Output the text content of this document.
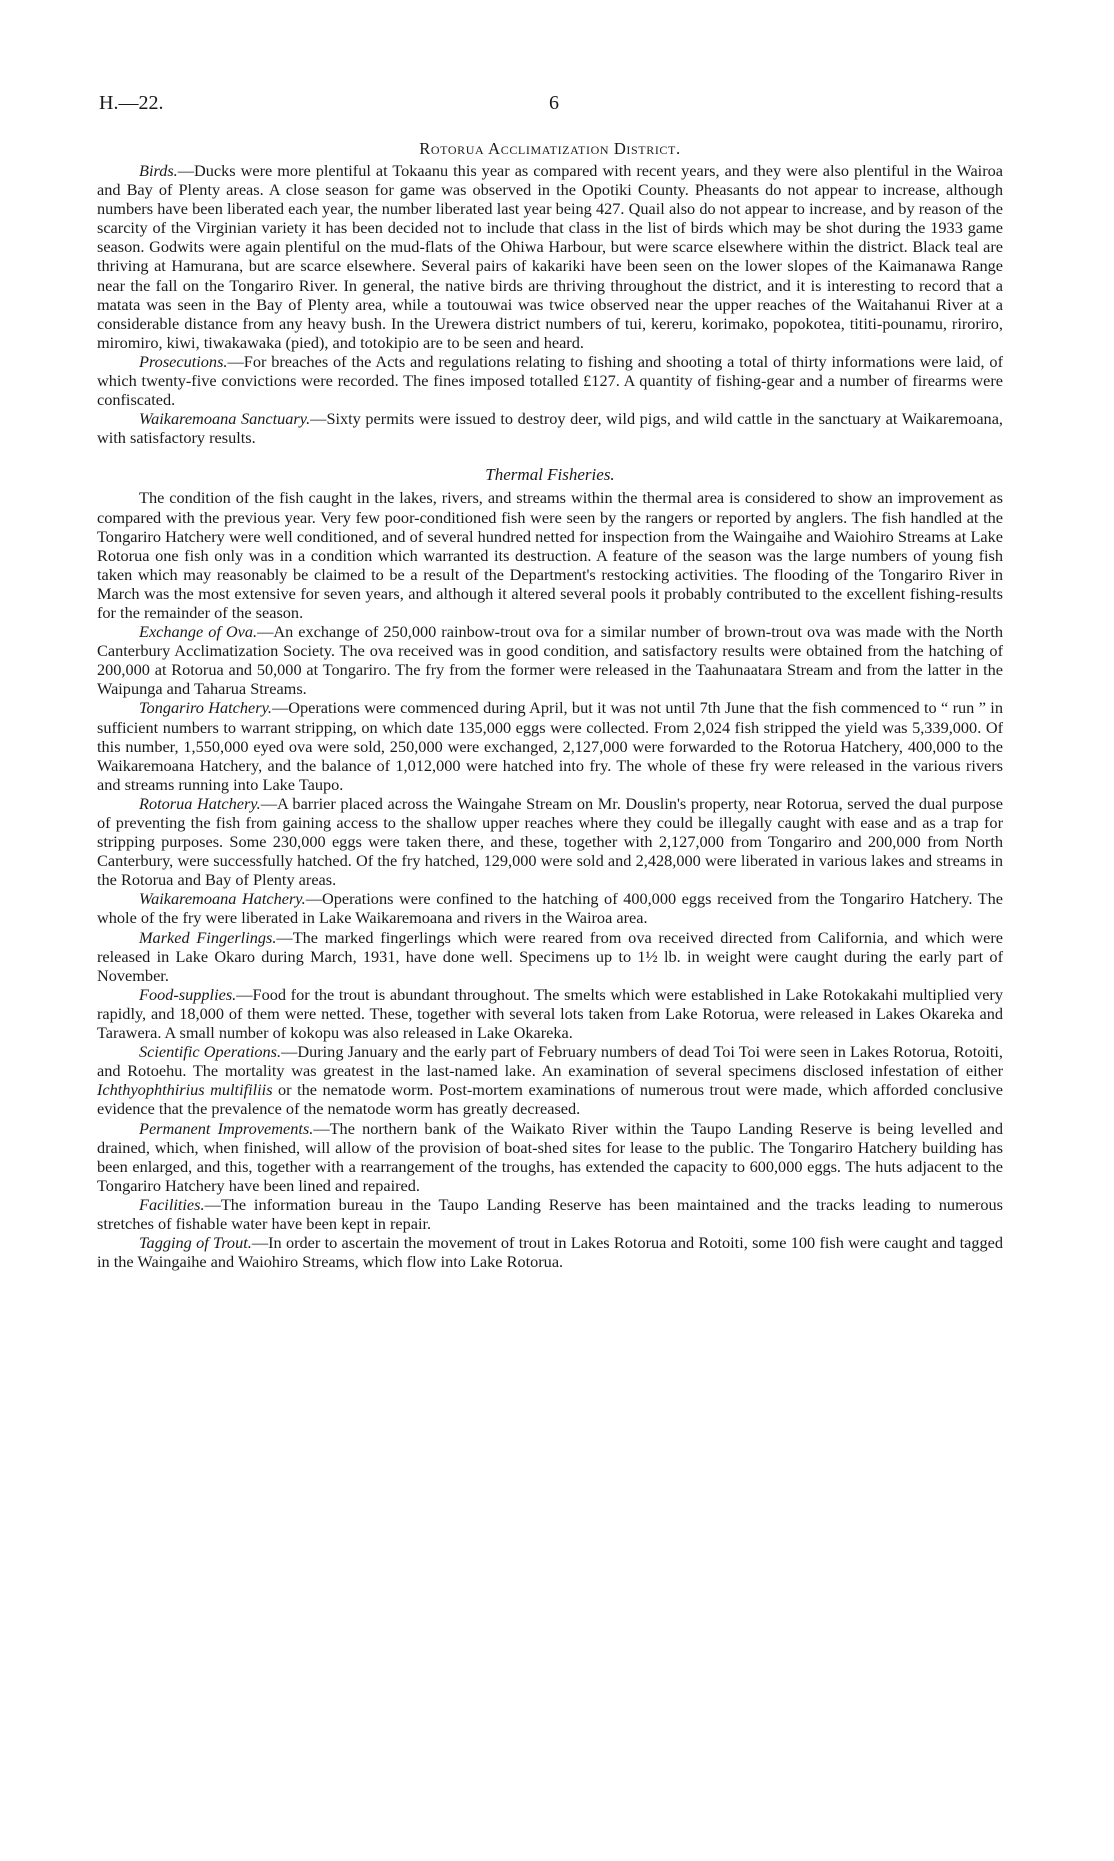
H.—22.	6
Rotorua Acclimatization District.

Birds.—Ducks were more plentiful at Tokaanu this year as compared with recent years, and they were also plentiful in the Wairoa and Bay of Plenty areas. A close season for game was observed in the Opotiki County. Pheasants do not appear to increase, although numbers have been liberated each year, the number liberated last year being 427. Quail also do not appear to increase, and by reason of the scarcity of the Virginian variety it has been decided not to include that class in the list of birds which may be shot during the 1933 game season. Godwits were again plentiful on the mud-flats of the Ohiwa Harbour, but were scarce elsewhere within the district. Black teal are thriving at Hamurana, but are scarce elsewhere. Several pairs of kakariki have been seen on the lower slopes of the Kaimanawa Range near the fall on the Tongariro River. In general, the native birds are thriving throughout the district, and it is interesting to record that a matata was seen in the Bay of Plenty area, while a toutouwai was twice observed near the upper reaches of the Waitahanui River at a considerable distance from any heavy bush. In the Urewera district numbers of tui, kereru, korimako, popokotea, tititi-pounamu, riroriro, miromiro, kiwi, tiwakawaka (pied), and totokipio are to be seen and heard.

Prosecutions.—For breaches of the Acts and regulations relating to fishing and shooting a total of thirty informations were laid, of which twenty-five convictions were recorded. The fines imposed totalled £127. A quantity of fishing-gear and a number of firearms were confiscated.

Waikaremoana Sanctuary.—Sixty permits were issued to destroy deer, wild pigs, and wild cattle in the sanctuary at Waikaremoana, with satisfactory results.

Thermal Fisheries.

The condition of the fish caught in the lakes, rivers, and streams within the thermal area is considered to show an improvement as compared with the previous year. Very few poor-conditioned fish were seen by the rangers or reported by anglers. The fish handled at the Tongariro Hatchery were well conditioned, and of several hundred netted for inspection from the Waingaihe and Waiohiro Streams at Lake Rotorua one fish only was in a condition which warranted its destruction. A feature of the season was the large numbers of young fish taken which may reasonably be claimed to be a result of the Department's restocking activities. The flooding of the Tongariro River in March was the most extensive for seven years, and although it altered several pools it probably contributed to the excellent fishing-results for the remainder of the season.

Exchange of Ova.—An exchange of 250,000 rainbow-trout ova for a similar number of brown-trout ova was made with the North Canterbury Acclimatization Society. The ova received was in good condition, and satisfactory results were obtained from the hatching of 200,000 at Rotorua and 50,000 at Tongariro. The fry from the former were released in the Taahunaatara Stream and from the latter in the Waipunga and Taharua Streams.

Tongariro Hatchery.—Operations were commenced during April, but it was not until 7th June that the fish commenced to “ run ” in sufficient numbers to warrant stripping, on which date 135,000 eggs were collected. From 2,024 fish stripped the yield was 5,339,000. Of this number, 1,550,000 eyed ova were sold, 250,000 were exchanged, 2,127,000 were forwarded to the Rotorua Hatchery, 400,000 to the Waikaremoana Hatchery, and the balance of 1,012,000 were hatched into fry. The whole of these fry were released in the various rivers and streams running into Lake Taupo.

Rotorua Hatchery.—A barrier placed across the Waingahe Stream on Mr. Douslin's property, near Rotorua, served the dual purpose of preventing the fish from gaining access to the shallow upper reaches where they could be illegally caught with ease and as a trap for stripping purposes. Some 230,000 eggs were taken there, and these, together with 2,127,000 from Tongariro and 200,000 from North Canterbury, were successfully hatched. Of the fry hatched, 129,000 were sold and 2,428,000 were liberated in various lakes and streams in the Rotorua and Bay of Plenty areas.

Waikaremoana Hatchery.—Operations were confined to the hatching of 400,000 eggs received from the Tongariro Hatchery. The whole of the fry were liberated in Lake Waikaremoana and rivers in the Wairoa area.

Marked Fingerlings.—The marked fingerlings which were reared from ova received directed from California, and which were released in Lake Okaro during March, 1931, have done well. Specimens up to 1½ lb. in weight were caught during the early part of November.

Food-supplies.—Food for the trout is abundant throughout. The smelts which were established in Lake Rotokakahi multiplied very rapidly, and 18,000 of them were netted. These, together with several lots taken from Lake Rotorua, were released in Lakes Okareka and Tarawera. A small number of kokopu was also released in Lake Okareka.

Scientific Operations.—During January and the early part of February numbers of dead Toi Toi were seen in Lakes Rotorua, Rotoiti, and Rotoehu. The mortality was greatest in the last-named lake. An examination of several specimens disclosed infestation of either Ichthyophthirius multifiliis or the nematode worm. Post-mortem examinations of numerous trout were made, which afforded conclusive evidence that the prevalence of the nematode worm has greatly decreased.

Permanent Improvements.—The northern bank of the Waikato River within the Taupo Landing Reserve is being levelled and drained, which, when finished, will allow of the provision of boat-shed sites for lease to the public. The Tongariro Hatchery building has been enlarged, and this, together with a rearrangement of the troughs, has extended the capacity to 600,000 eggs. The huts adjacent to the Tongariro Hatchery have been lined and repaired.

Facilities.—The information bureau in the Taupo Landing Reserve has been maintained and the tracks leading to numerous stretches of fishable water have been kept in repair.

Tagging of Trout.—In order to ascertain the movement of trout in Lakes Rotorua and Rotoiti, some 100 fish were caught and tagged in the Waingaihe and Waiohiro Streams, which flow into Lake Rotorua.
